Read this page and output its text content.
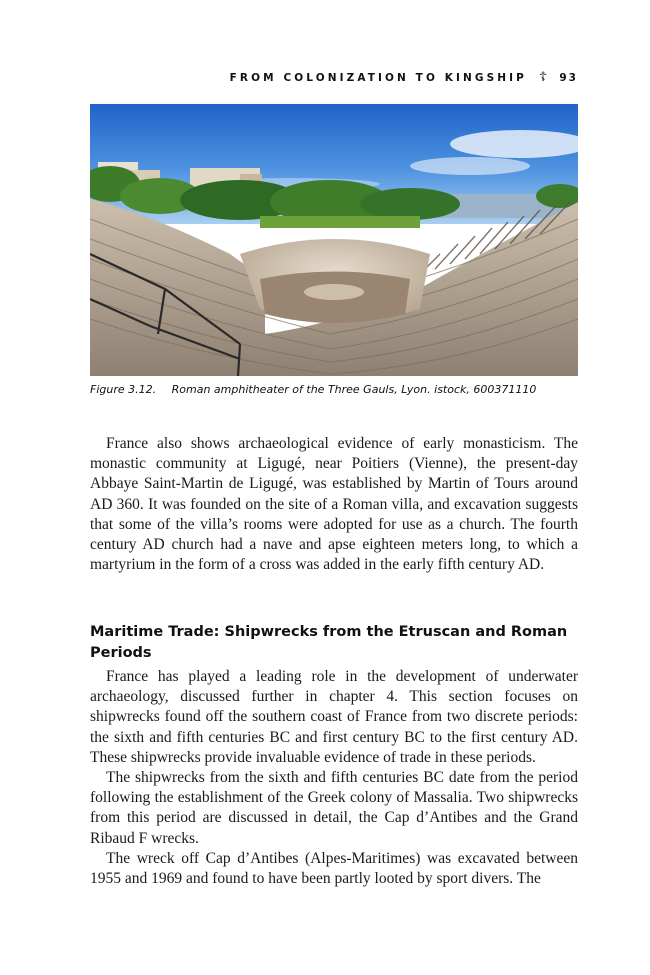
FROM COLONIZATION TO KINGSHIP ☦ 93
Figure 3.12. Roman amphitheater of the Three Gauls, Lyon. istock, 600371110

France also shows archaeological evidence of early monasticism. The monastic community at Ligugé, near Poitiers (Vienne), the present-day Abbaye Saint-Martin de Ligugé, was established by Martin of Tours around AD 360. It was founded on the site of a Roman villa, and excavation suggests that some of the villa’s rooms were adopted for use as a church. The fourth century AD church had a nave and apse eighteen meters long, to which a martyrium in the form of a cross was added in the early fifth century AD.

Maritime Trade: Shipwrecks from the Etruscan and Roman Periods

France has played a leading role in the development of underwater archaeology, discussed further in chapter 4. This section focuses on shipwrecks found off the southern coast of France from two discrete periods: the sixth and fifth centuries BC and first century BC to the first century AD. These shipwrecks provide invaluable evidence of trade in these periods.

The shipwrecks from the sixth and fifth centuries BC date from the period following the establishment of the Greek colony of Massalia. Two shipwrecks from this period are discussed in detail, the Cap d’Antibes and the Grand Ribaud F wrecks.

The wreck off Cap d’Antibes (Alpes-Maritimes) was excavated between 1955 and 1969 and found to have been partly looted by sport divers. The
